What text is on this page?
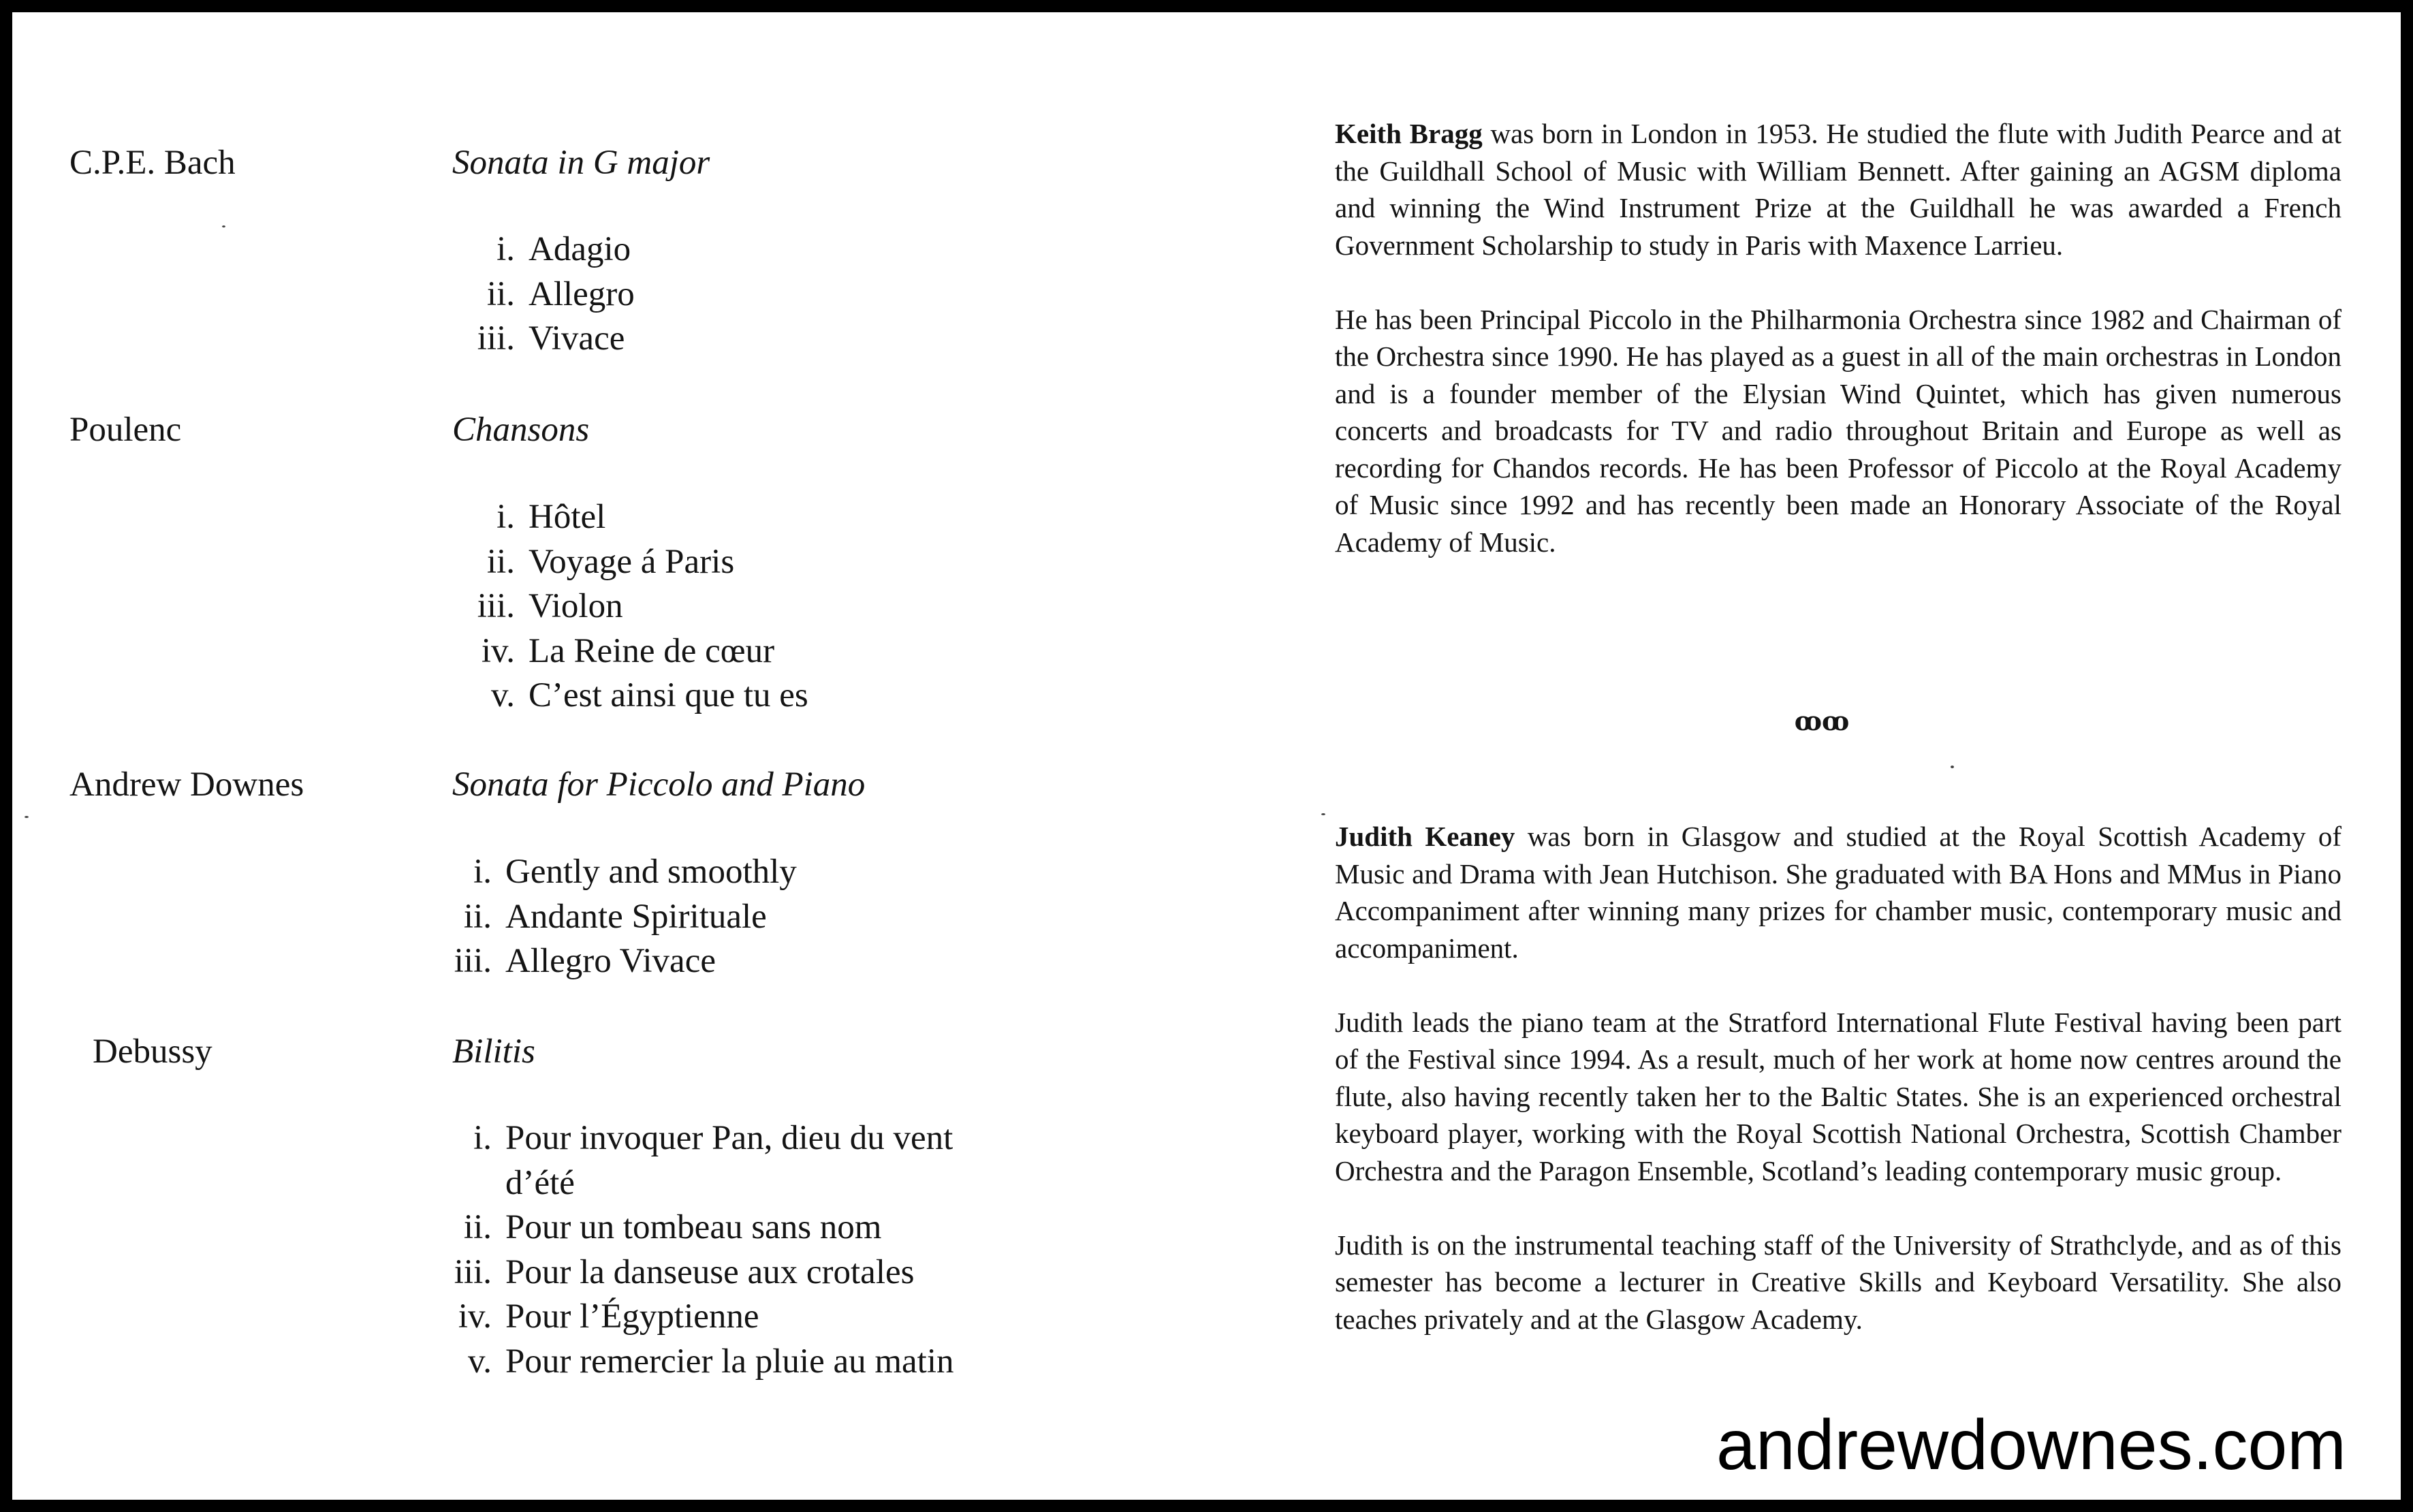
C.P.E. Bach	Sonata in G major
i. Adagio
ii. Allegro
iii. Vivace
Poulenc	Chansons
i. Hôtel
ii. Voyage á Paris
iii. Violon
iv. La Reine de cœur
v. C’est ainsi que tu es
Andrew Downes	Sonata for Piccolo and Piano
i. Gently and smoothly
ii. Andante Spirituale
iii. Allegro Vivace
Debussy	Bilitis
i. Pour invoquer Pan, dieu du vent
d’été
ii. Pour un tombeau sans nom
iii. Pour la danseuse aux crotales
iv. Pour l’Égyptienne
v. Pour remercier la pluie au matin

Keith Bragg was born in London in 1953. He studied the flute with Judith Pearce and at the Guildhall School of Music with William Bennett. After gaining an AGSM diploma and winning the Wind Instrument Prize at the Guildhall he was awarded a French Government Scholarship to study in Paris with Maxence Larrieu.

He has been Principal Piccolo in the Philharmonia Orchestra since 1982 and Chairman of the Orchestra since 1990. He has played as a guest in all of the main orchestras in London and is a founder member of the Elysian Wind Quintet, which has given numerous concerts and broadcasts for TV and radio throughout Britain and Europe as well as recording for Chandos records. He has been Professor of Piccolo at the Royal Academy of Music since 1992 and has recently been made an Honorary Associate of the Royal Academy of Music.

ꝏꝏ

Judith Keaney was born in Glasgow and studied at the Royal Scottish Academy of Music and Drama with Jean Hutchison. She graduated with BA Hons and MMus in Piano Accompaniment after winning many prizes for chamber music, contemporary music and accompaniment.

Judith leads the piano team at the Stratford International Flute Festival having been part of the Festival since 1994. As a result, much of her work at home now centres around the flute, also having recently taken her to the Baltic States. She is an experienced orchestral keyboard player, working with the Royal Scottish National Orchestra, Scottish Chamber Orchestra and the Paragon Ensemble, Scotland’s leading contemporary music group.

Judith is on the instrumental teaching staff of the University of Strathclyde, and as of this semester has become a lecturer in Creative Skills and Keyboard Versatility. She also teaches privately and at the Glasgow Academy.

andrewdownes.com
